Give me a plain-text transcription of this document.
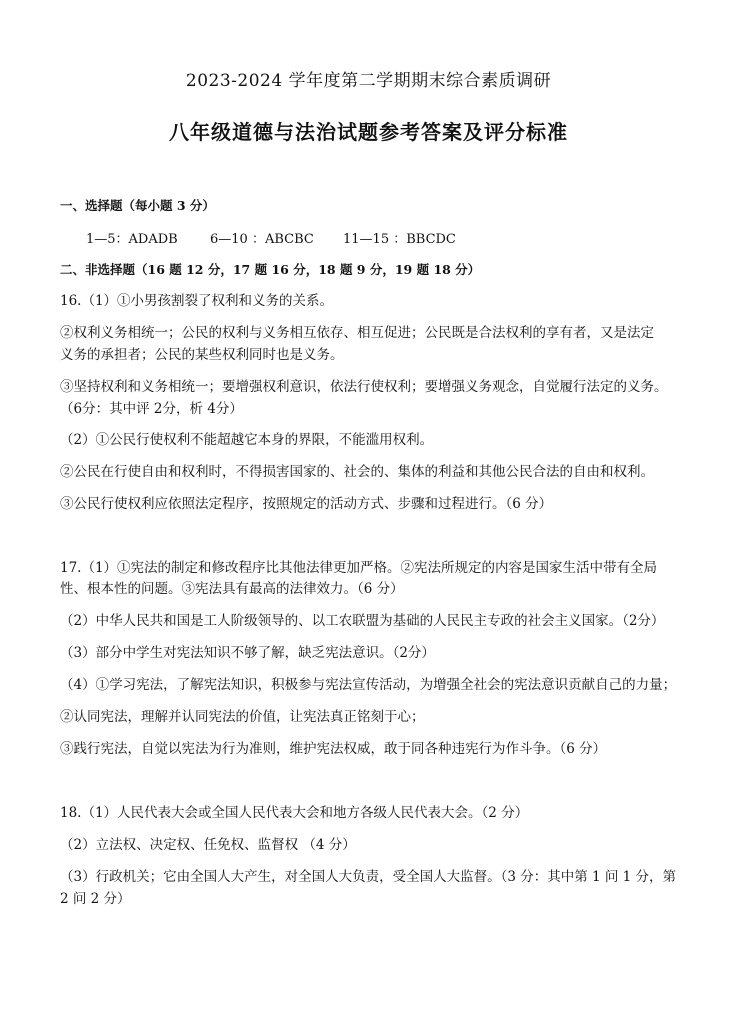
2023-2024 学年度第二学期期末综合素质调研
八年级道德与法治试题参考答案及评分标准
一、选择题（每小题 3 分）
1—5：ADADB 6—10 ：ABCBC 11—15 ：BBCDC
二、非选择题（16 题 12 分，17 题 16 分，18 题 9 分，19 题 18 分）
16.（1）①小男孩割裂了权利和义务的关系。
②权利义务相统一；公民的权利与义务相互依存、相互促进；公民既是合法权利的享有者，又是法定
义务的承担者；公民的某些权利同时也是义务。
③坚持权利和义务相统一；要增强权利意识，依法行使权利；要增强义务观念，自觉履行法定的义务。
（6分：其中评 2分，析 4分）
（2）①公民行使权利不能超越它本身的界限，不能滥用权利。
②公民在行使自由和权利时，不得损害国家的、社会的、集体的利益和其他公民合法的自由和权利。
③公民行使权利应依照法定程序，按照规定的活动方式、步骤和过程进行。（6 分）
17.（1）①宪法的制定和修改程序比其他法律更加严格。②宪法所规定的内容是国家生活中带有全局
性、根本性的问题。③宪法具有最高的法律效力。（6 分）
（2）中华人民共和国是工人阶级领导的、以工农联盟为基础的人民民主专政的社会主义国家。（2分）
（3）部分中学生对宪法知识不够了解，缺乏宪法意识。（2分）
（4）①学习宪法，了解宪法知识，积极参与宪法宣传活动，为增强全社会的宪法意识贡献自己的力量；
②认同宪法，理解并认同宪法的价值，让宪法真正铭刻于心；
③践行宪法，自觉以宪法为行为准则，维护宪法权威，敢于同各种违宪行为作斗争。（6 分）
18.（1）人民代表大会或全国人民代表大会和地方各级人民代表大会。（2 分）
（2）立法权、决定权、任免权、监督权 （4 分）
（3）行政机关；它由全国人大产生，对全国人大负责，受全国人大监督。（3 分：其中第 1 问 1 分，第
2 问 2 分）
